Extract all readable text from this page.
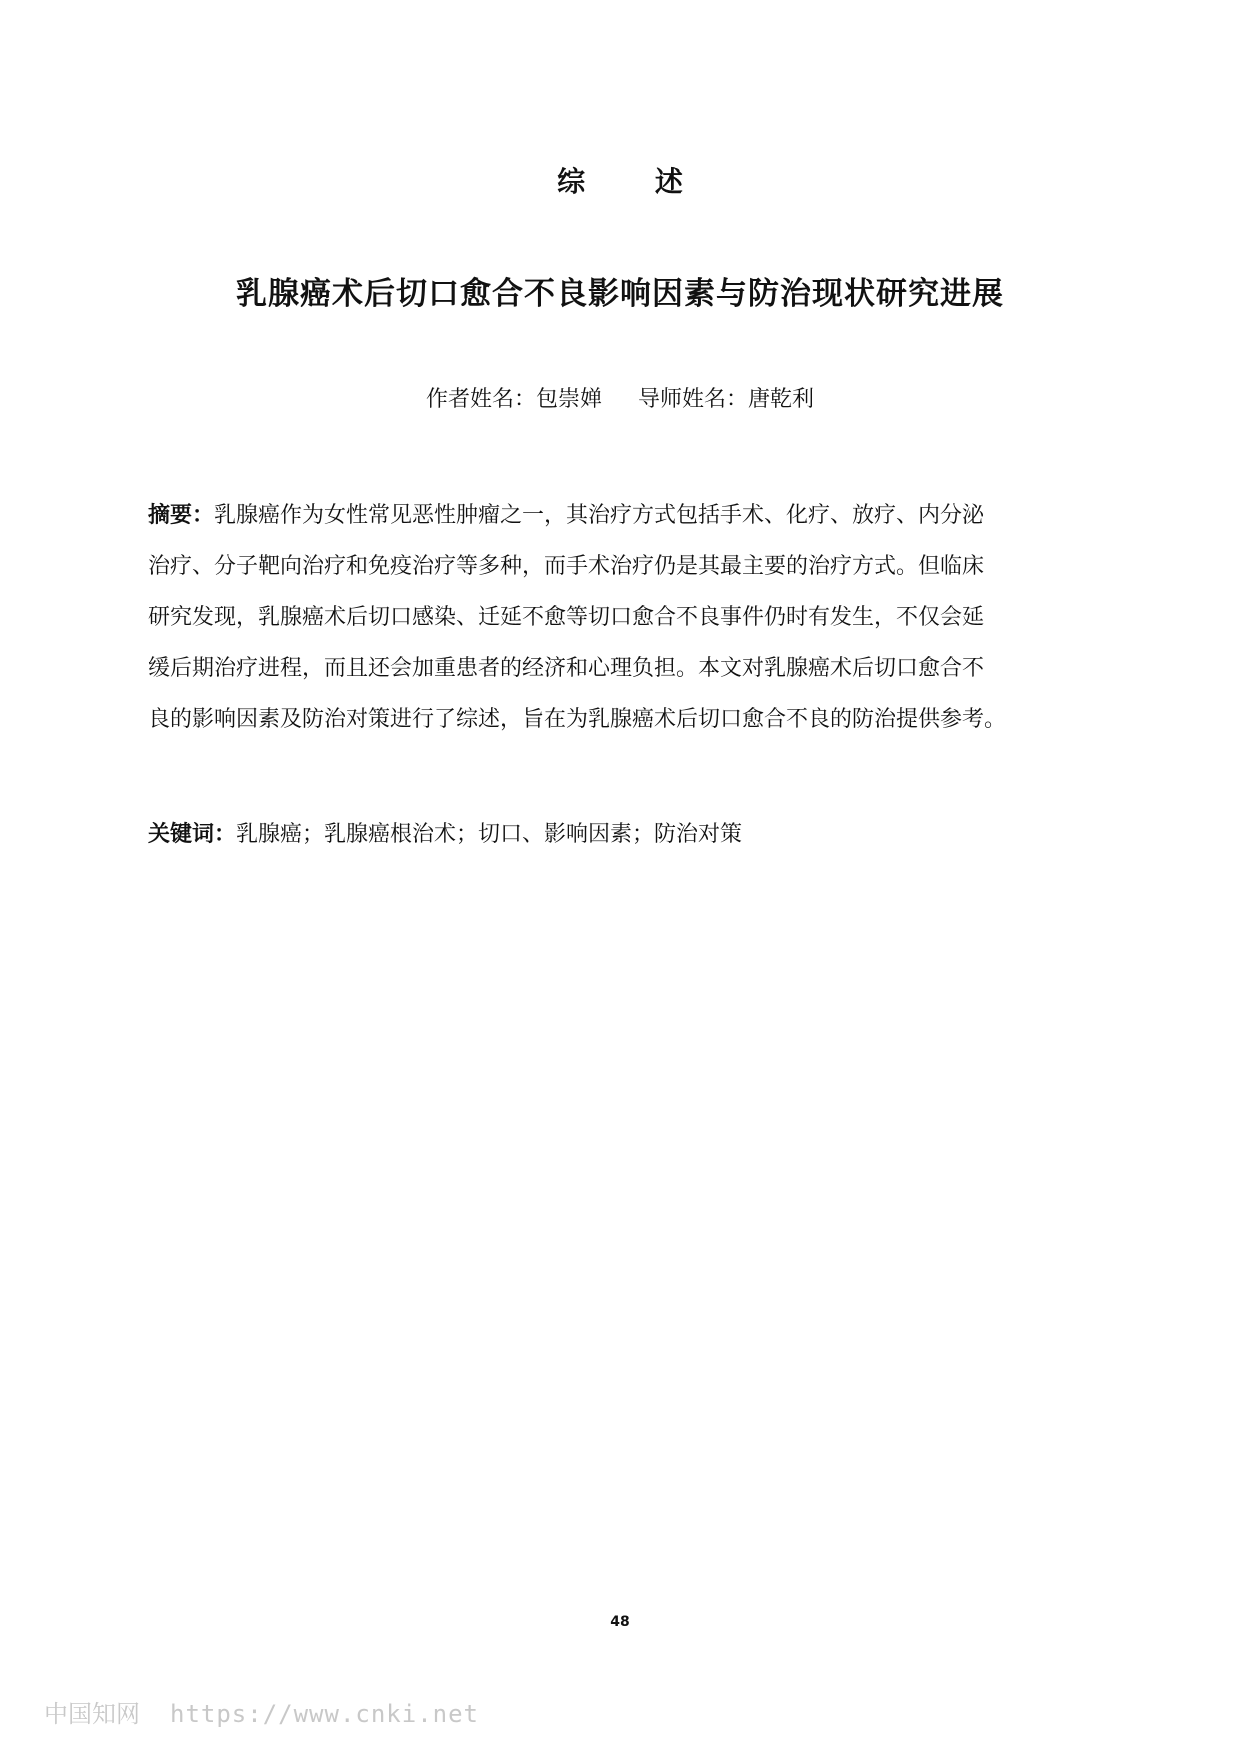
综 述
乳腺癌术后切口愈合不良影响因素与防治现状研究进展
作者姓名：包崇婵 导师姓名：唐乾利
摘要：乳腺癌作为女性常见恶性肿瘤之一，其治疗方式包括手术、化疗、放疗、内分泌
治疗、分子靶向治疗和免疫治疗等多种，而手术治疗仍是其最主要的治疗方式。但临床
研究发现，乳腺癌术后切口感染、迁延不愈等切口愈合不良事件仍时有发生，不仅会延
缓后期治疗进程，而且还会加重患者的经济和心理负担。本文对乳腺癌术后切口愈合不
良的影响因素及防治对策进行了综述，旨在为乳腺癌术后切口愈合不良的防治提供参考。
关键词：乳腺癌；乳腺癌根治术；切口、影响因素；防治对策
48
中国知网 https://www.cnki.net
